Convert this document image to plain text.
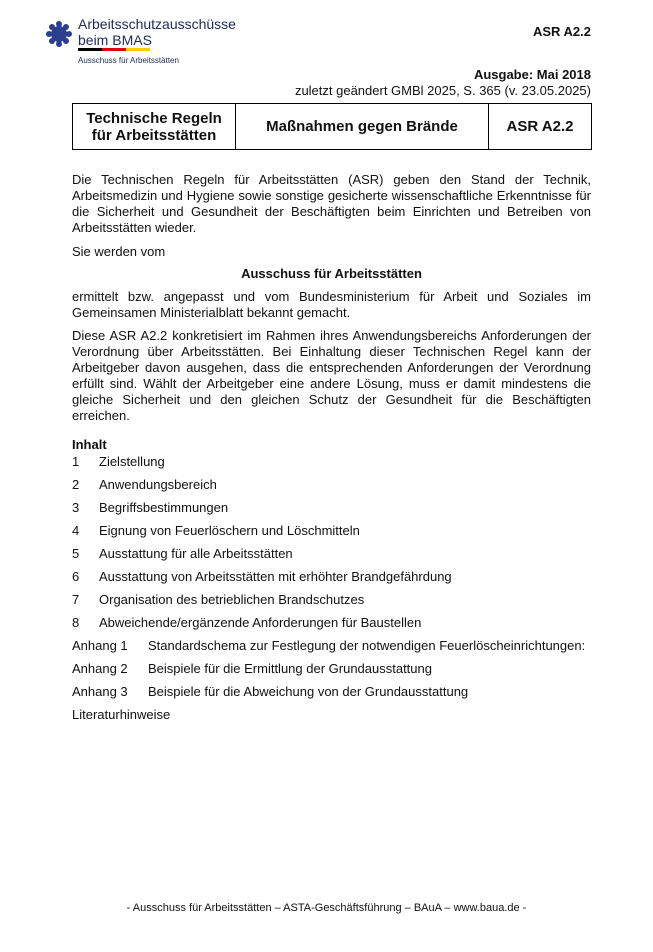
Arbeitsschutzausschüsse
beim BMAS
Ausschuss für Arbeitsstätten
ASR A2.2
Ausgabe: Mai 2018
zuletzt geändert GMBl 2025, S. 365 (v. 23.05.2025)
Technische Regeln
für Arbeitsstätten	Maßnahmen gegen Brände	ASR A2.2
Die Technischen Regeln für Arbeitsstätten (ASR) geben den Stand der Technik, Arbeitsmedizin und Hygiene sowie sonstige gesicherte wissenschaftliche Erkenntnisse für die Sicherheit und Gesundheit der Beschäftigten beim Einrichten und Betreiben von Arbeitsstätten wieder.
Sie werden vom
Ausschuss für Arbeitsstätten
ermittelt bzw. angepasst und vom Bundesministerium für Arbeit und Soziales im Gemeinsamen Ministerialblatt bekannt gemacht.
Diese ASR A2.2 konkretisiert im Rahmen ihres Anwendungsbereichs Anforderungen der Verordnung über Arbeitsstätten. Bei Einhaltung dieser Technischen Regel kann der Arbeitgeber davon ausgehen, dass die entsprechenden Anforderungen der Verordnung erfüllt sind. Wählt der Arbeitgeber eine andere Lösung, muss er damit mindestens die gleiche Sicherheit und den gleichen Schutz der Gesundheit für die Beschäftigten erreichen.
Inhalt
1	Zielstellung
2	Anwendungsbereich
3	Begriffsbestimmungen
4	Eignung von Feuerlöschern und Löschmitteln
5	Ausstattung für alle Arbeitsstätten
6	Ausstattung von Arbeitsstätten mit erhöhter Brandgefährdung
7	Organisation des betrieblichen Brandschutzes
8	Abweichende/ergänzende Anforderungen für Baustellen
Anhang 1	Standardschema zur Festlegung der notwendigen Feuerlöscheinrichtungen:
Anhang 2	Beispiele für die Ermittlung der Grundausstattung
Anhang 3	Beispiele für die Abweichung von der Grundausstattung
Literaturhinweise
- Ausschuss für Arbeitsstätten – ASTA-Geschäftsführung – BAuA – www.baua.de -
